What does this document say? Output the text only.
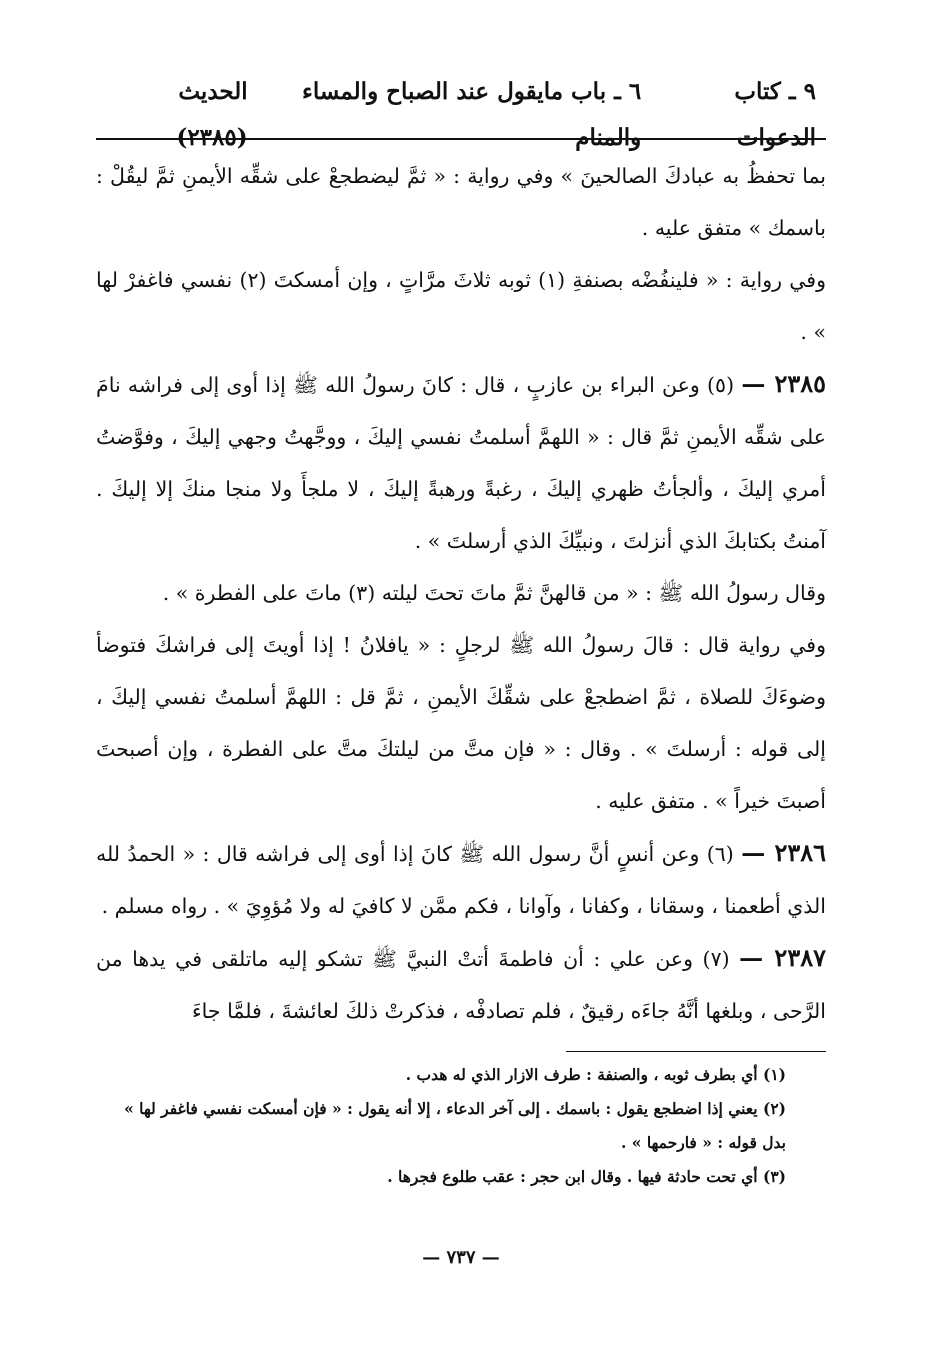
٩ ـ كتاب الدعوات
٦ ـ باب مايقول عند الصباح والمساء والمنام
الحديث (٢٣٨٥)

بما تحفظُ به عبادكَ الصالحينَ » وفي رواية : « ثمَّ ليضطجعْ على شقِّه الأيمنِ ثمَّ ليقُلْ : باسمك » متفق عليه .

وفي رواية : « فلينفُضْه بصنفةِ (١) ثوبه ثلاثَ مرَّاتٍ ، وإن أمسكتَ (٢) نفسي فاغفرْ لها » .

٢٣٨٥ — (٥) وعن البراء بن عازبٍ ، قال : كانَ رسولُ الله ﷺ إذا أوى إلى فراشه نامَ على شقِّه الأيمنِ ثمَّ قال : « اللهمَّ أسلمتُ نفسي إليكَ ، ووجَّهتُ وجهي إليكَ ، وفوَّضتُ أمري إليكَ ، وألجأتُ ظهري إليكَ ، رغبةً ورهبةً إليكَ ، لا ملجأَ ولا منجا منكَ إلا إليكَ . آمنتُ بكتابكَ الذي أنزلتَ ، ونبيِّكَ الذي أرسلتَ » .

وقال رسولُ الله ﷺ : « من قالهنَّ ثمَّ ماتَ تحتَ ليلته (٣) ماتَ على الفطرة » .

وفي رواية قال : قالَ رسولُ الله ﷺ لرجلٍ : « يافلانُ ! إذا أويتَ إلى فراشكَ فتوضأ وضوءَكَ للصلاة ، ثمَّ اضطجعْ على شقِّكَ الأيمنِ ، ثمَّ قل : اللهمَّ أسلمتُ نفسي إليكَ ، إلى قوله : أرسلتَ » . وقال : « فإن متَّ من ليلتكَ متَّ على الفطرة ، وإن أصبحتَ أصبتَ خيراً » . متفق عليه .

٢٣٨٦ — (٦) وعن أنسٍ أنَّ رسول الله ﷺ كانَ إذا أوى إلى فراشه قال : « الحمدُ لله الذي أطعمنا ، وسقانا ، وكفانا ، وآوانا ، فكم ممَّن لا كافيَ له ولا مُؤوِيَ » . رواه مسلم .

٢٣٨٧ — (٧) وعن علي : أن فاطمةَ أتتْ النبيَّ ﷺ تشكو إليه ماتلقى في يدها من الرَّحى ، وبلغها أنَّهُ جاءَه رقيقٌ ، فلم تصادفْه ، فذكرتْ ذلكَ لعائشةَ ، فلمَّا جاءَ

(١) أي بطرف ثوبه ، والصنفة : طرف الازار الذي له هدب .

(٢) يعني إذا اضطجع يقول : باسمك . إلى آخر الدعاء ، إلا أنه يقول : « فإن أمسكت نفسي فاغفر لها » بدل قوله : « فارحمها » .

(٣) أي تحت حادثة فيها . وقال ابن حجر : عقب طلوع فجرها .

— ٧٣٧ —
